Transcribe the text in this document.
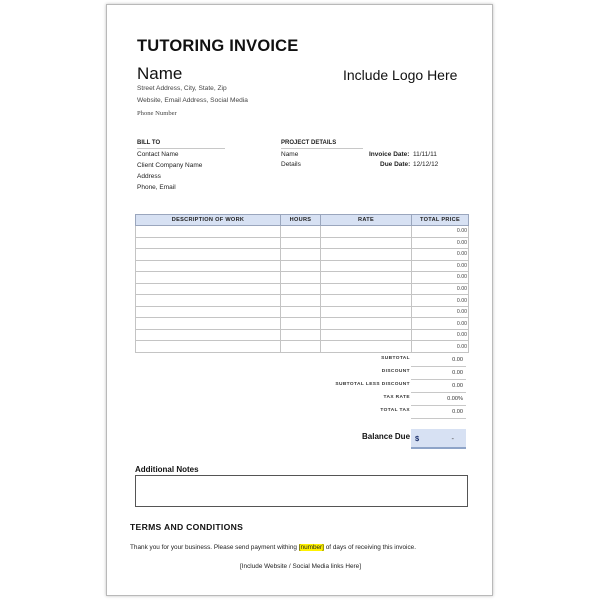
TUTORING INVOICE
Name	Include Logo Here
Street Address, City, State, Zip
Website, Email Address, Social Media
Phone Number
BILL TO
Contact Name
Client Company Name
Address
Phone, Email
PROJECT DETAILS
Name
Details
Invoice Date: 11/11/11
Due Date: 12/12/12
DESCRIPTION OF WORK	HOURS	RATE	TOTAL PRICE
			0.00
			0.00
			0.00
			0.00
			0.00
			0.00
			0.00
			0.00
			0.00
			0.00
			0.00
SUBTOTAL	0.00
DISCOUNT	0.00
SUBTOTAL LESS DISCOUNT	0.00
TAX RATE	0.00%
TOTAL TAX	0.00
Balance Due $	-
Additional Notes
TERMS AND CONDITIONS
Thank you for your business. Please send payment withing [number] of days of receiving this invoice.
[Include Website / Social Media links Here]
